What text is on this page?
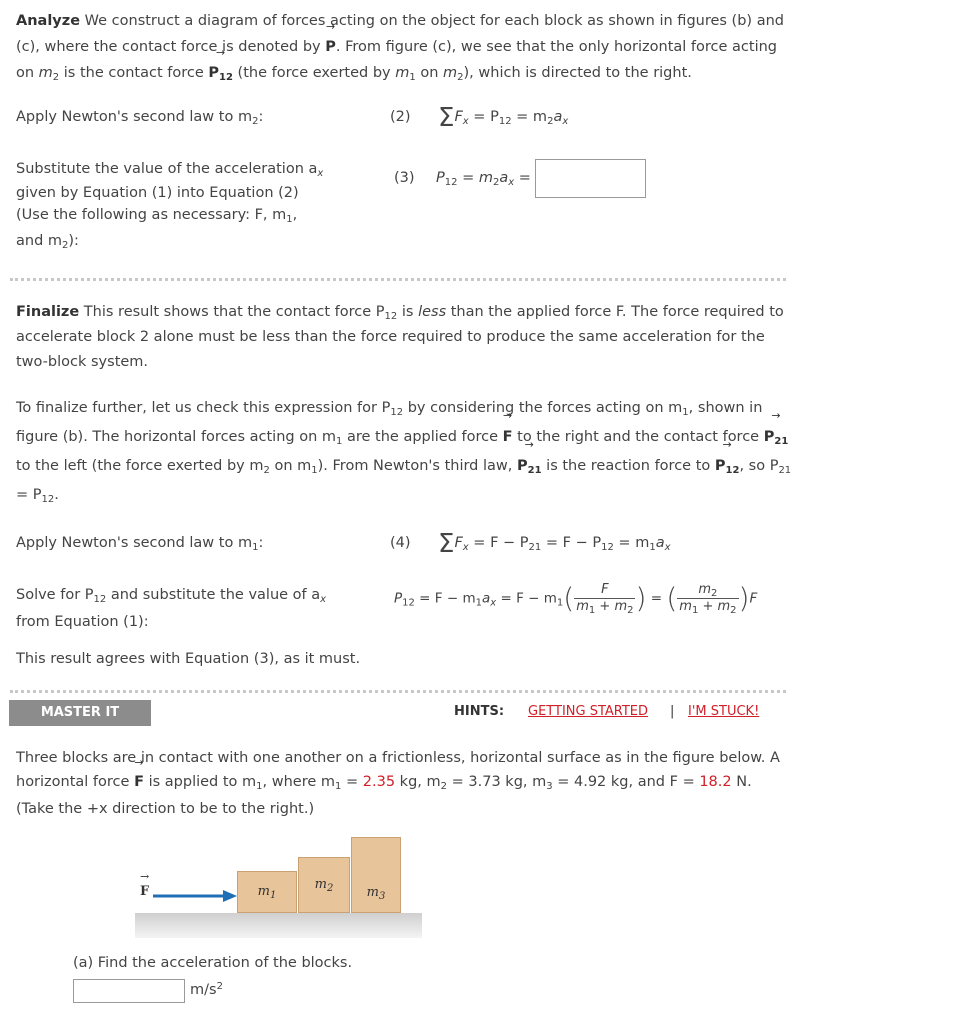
Analyze We construct a diagram of forces acting on the object for each block as shown in figures (b) and (c), where the contact force is denoted by → P. From figure (c), we see that the only horizontal force acting on $m_2$ is the contact force → $P_{12}$ (the force exerted by $m_1$ on $m_2$), which is directed to the right.
Apply Newton's second law to $m_2$:	(2) $\Sigma F_x = P_{12} = m_2a_x$
Substitute the value of the acceleration $a_x$
given by Equation (1) into Equation (2)
(Use the following as necessary: F, $m_1$,
and $m_2$):
(3) $P_{12} = m_2a_x$ =
Finalize This result shows that the contact force $P_{12}$ is less than the applied force F. The force required to accelerate block 2 alone must be less than the force required to produce the same acceleration for the two-block system.
To finalize further, let us check this expression for $P_{12}$ by considering the forces acting on $m_1$, shown in figure (b). The horizontal forces acting on $m_1$ are the applied force → F to the right and the contact force → $P_{21}$ to the left (the force exerted by $m_2$ on $m_1$). From Newton's third law, → $P_{21}$ is the reaction force to → $P_{12}$, so $P_{21} = P_{12}$.
Apply Newton's second law to $m_1$:	(4) $\Sigma F_x = F - P_{21} = F - P_{12} = m_1a_x$
Solve for $P_{12}$ and substitute the value of $a_x$
from Equation (1):
$P_{12} = F - m_1a_x = F - m_1( \frac{F}{m_1 + m_2}$ ) = ( $\frac{m_2}{m_1 + m_2} )F$
This result agrees with Equation (3), as it must.
MASTER IT	HINTS: GETTING STARTED | I'M STUCK!
Three blocks are in contact with one another on a frictionless, horizontal surface as in the figure below. A horizontal force → F is applied to $m_1$, where $m_1 = 2.35$ kg, $m_2 = 3.73$ kg, $m_3 = 4.92$ kg, and F = 18.2 N.
(Take the +x direction to be to the right.)
→ F	$m_1$
$m_2$	$m_3$
(a) Find the acceleration of the blocks.
$m/s^2$
